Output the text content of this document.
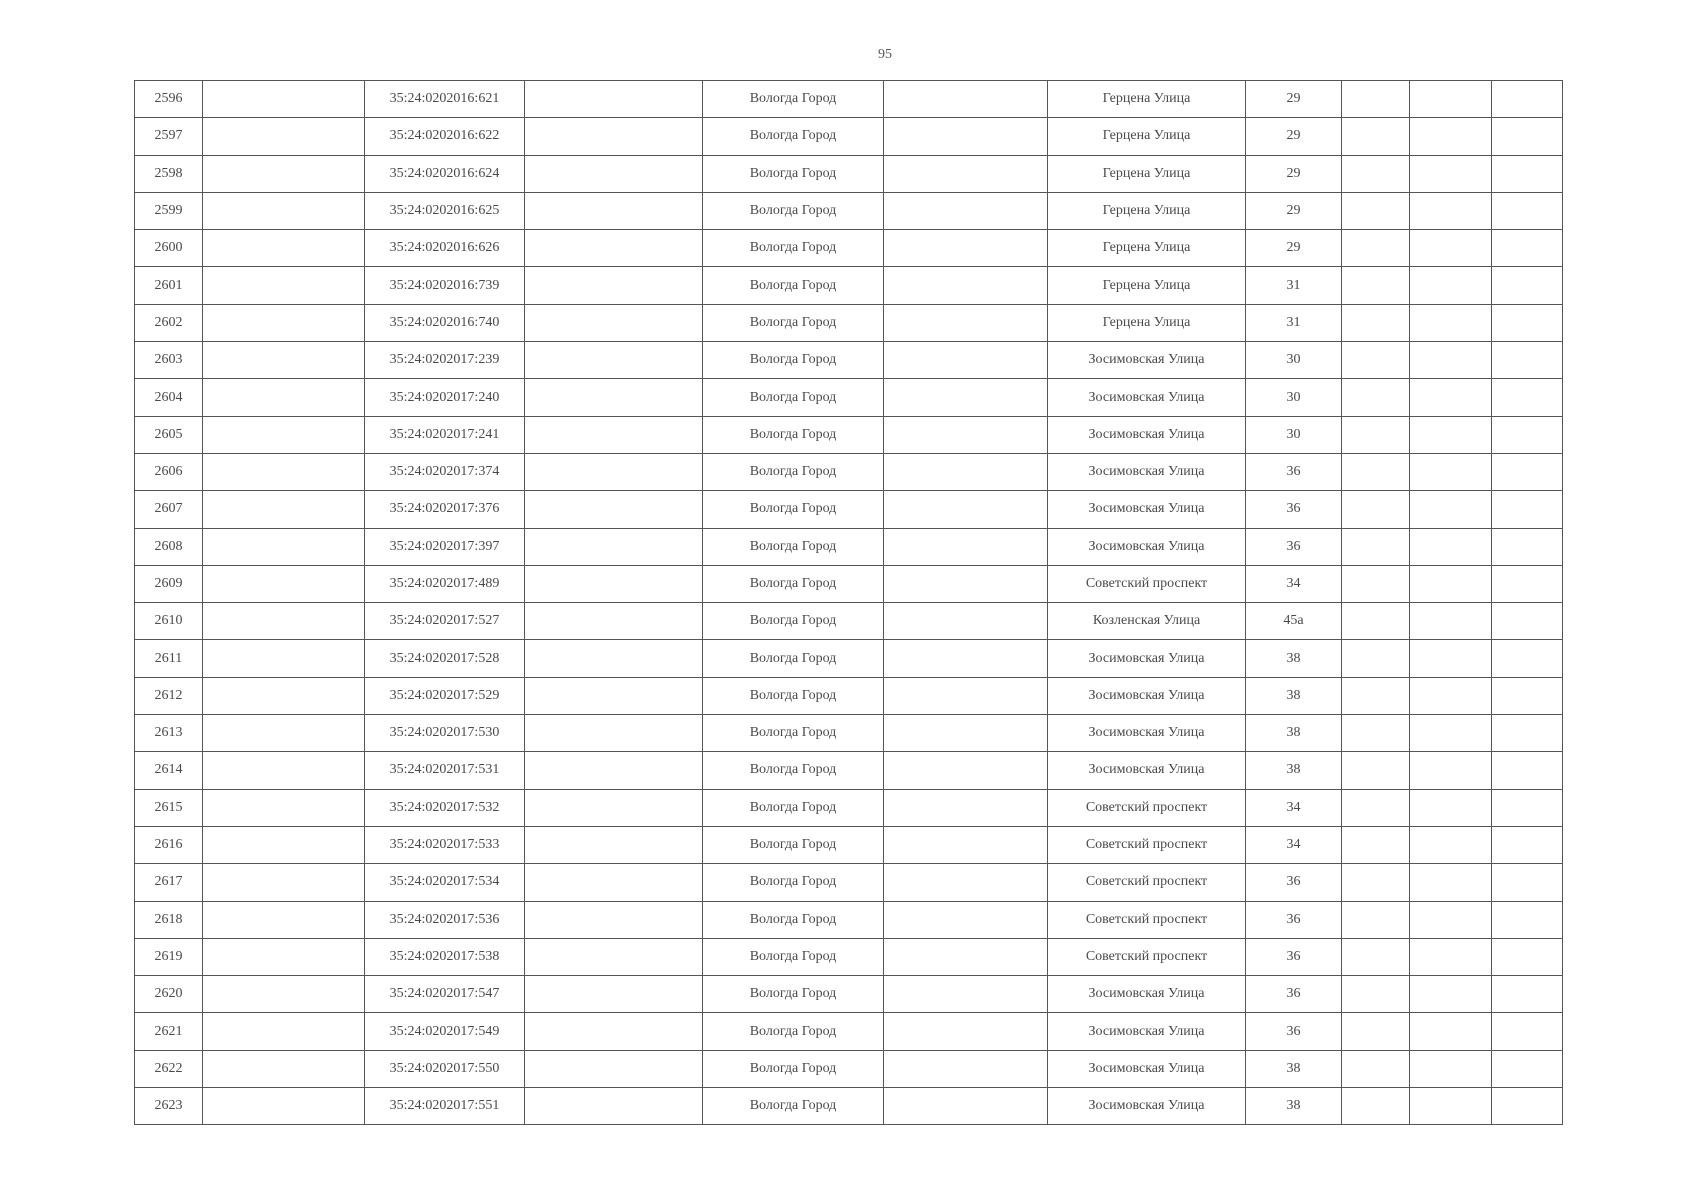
95
2596		35:24:0202016:621		Вологда Город		Герцена Улица	29			
2597		35:24:0202016:622		Вологда Город		Герцена Улица	29			
2598		35:24:0202016:624		Вологда Город		Герцена Улица	29			
2599		35:24:0202016:625		Вологда Город		Герцена Улица	29			
2600		35:24:0202016:626		Вологда Город		Герцена Улица	29			
2601		35:24:0202016:739		Вологда Город		Герцена Улица	31			
2602		35:24:0202016:740		Вологда Город		Герцена Улица	31			
2603		35:24:0202017:239		Вологда Город		Зосимовская Улица	30			
2604		35:24:0202017:240		Вологда Город		Зосимовская Улица	30			
2605		35:24:0202017:241		Вологда Город		Зосимовская Улица	30			
2606		35:24:0202017:374		Вологда Город		Зосимовская Улица	36			
2607		35:24:0202017:376		Вологда Город		Зосимовская Улица	36			
2608		35:24:0202017:397		Вологда Город		Зосимовская Улица	36			
2609		35:24:0202017:489		Вологда Город		Советский проспект	34			
2610		35:24:0202017:527		Вологда Город		Козленская Улица	45а			
2611		35:24:0202017:528		Вологда Город		Зосимовская Улица	38			
2612		35:24:0202017:529		Вологда Город		Зосимовская Улица	38			
2613		35:24:0202017:530		Вологда Город		Зосимовская Улица	38			
2614		35:24:0202017:531		Вологда Город		Зосимовская Улица	38			
2615		35:24:0202017:532		Вологда Город		Советский проспект	34			
2616		35:24:0202017:533		Вологда Город		Советский проспект	34			
2617		35:24:0202017:534		Вологда Город		Советский проспект	36			
2618		35:24:0202017:536		Вологда Город		Советский проспект	36			
2619		35:24:0202017:538		Вологда Город		Советский проспект	36			
2620		35:24:0202017:547		Вологда Город		Зосимовская Улица	36			
2621		35:24:0202017:549		Вологда Город		Зосимовская Улица	36			
2622		35:24:0202017:550		Вологда Город		Зосимовская Улица	38			
2623		35:24:0202017:551		Вологда Город		Зосимовская Улица	38			
